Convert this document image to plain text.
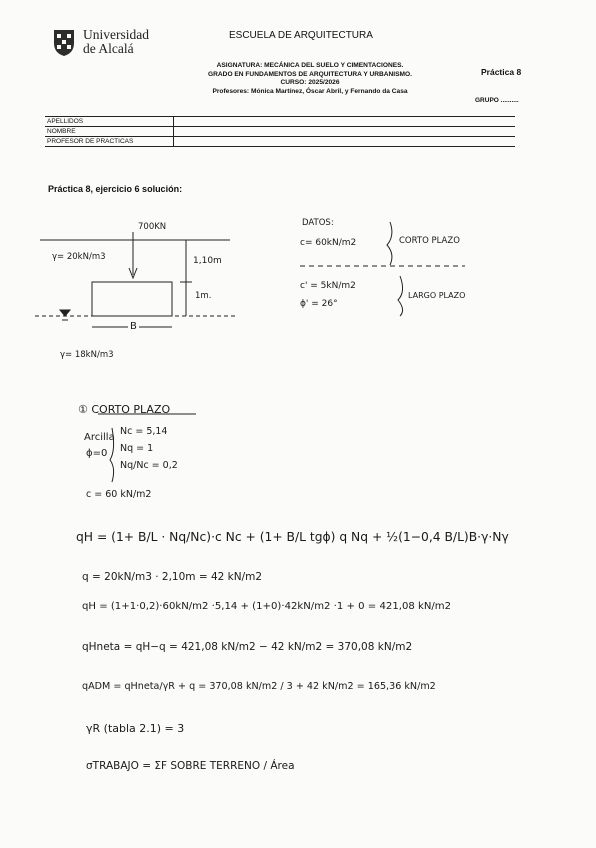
Universidad
de Alcalá
ESCUELA DE ARQUITECTURA
ASIGNATURA: MECÁNICA DEL SUELO Y CIMENTACIONES.
GRADO EN FUNDAMENTOS DE ARQUITECTURA Y URBANISMO.
CURSO: 2025/2026
Profesores: Mónica Martínez, Óscar Abril, y Fernando da Casa
Práctica 8
GRUPO ..........
APELLIDOS	
NOMBRE	
PROFESOR DE PRACTICAS	
Práctica 8, ejercicio 6 solución:
700KN
γ= 20kN/m3	1,10m
1m.
B
γ= 18kN/m3
DATOS:
c= 60kN/m2	CORTO PLAZO
c' = 5kN/m2
ϕ' = 26°
LARGO PLAZO
① CORTO PLAZO
Arcilla
ϕ=0
Nc = 5,14
Nq = 1
Nq/Nc = 0,2
c = 60 kN/m2
qH = (1+ B/L · Nq/Nc)·c Nc + (1+ B/L tgϕ) q Nq + ½(1−0,4 B/L)B·γ·Nγ
q = 20kN/m3 · 2,10m = 42 kN/m2
qH = (1+1·0,2)·60kN/m2 ·5,14 + (1+0)·42kN/m2 ·1 + 0 = 421,08 kN/m2
qHneta = qH−q = 421,08 kN/m2 − 42 kN/m2 = 370,08 kN/m2
qADM = qHneta/γR + q = 370,08 kN/m2 / 3 + 42 kN/m2 = 165,36 kN/m2
γR (tabla 2.1) = 3
σTRABAJO = ΣF SOBRE TERRENO / Área
